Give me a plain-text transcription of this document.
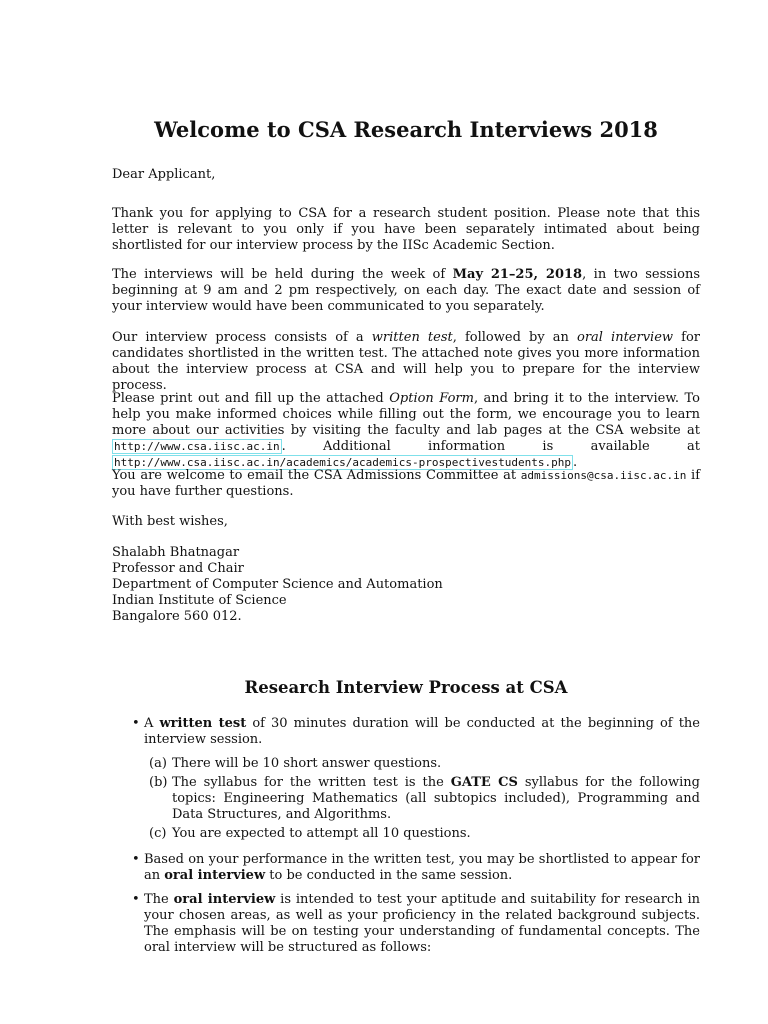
Welcome to CSA Research Interviews 2018
Dear Applicant,
Thank you for applying to CSA for a research student position. Please note that this letter is relevant to you only if you have been separately intimated about being shortlisted for our interview process by the IISc Academic Section.
The interviews will be held during the week of May 21–25, 2018, in two sessions beginning at 9 am and 2 pm respectively, on each day. The exact date and session of your interview would have been communicated to you separately.
Our interview process consists of a written test, followed by an oral interview for candidates shortlisted in the written test. The attached note gives you more information about the interview process at CSA and will help you to prepare for the interview process.
Please print out and fill up the attached Option Form, and bring it to the interview. To help you make informed choices while filling out the form, we encourage you to learn more about our activities by visiting the faculty and lab pages at the CSA website at http://www.csa.iisc.ac.in . Additional information is available at http://www.csa.iisc.ac.in/academics/academics-prospectivestudents.php .
You are welcome to email the CSA Admissions Committee at admissions@csa.iisc.ac.in if you have further questions.
With best wishes,
Shalabh Bhatnagar
Professor and Chair
Department of Computer Science and Automation
Indian Institute of Science
Bangalore 560 012.
Research Interview Process at CSA
• A written test of 30 minutes duration will be conducted at the beginning of the interview session.
(a) There will be 10 short answer questions.
(b) The syllabus for the written test is the GATE CS syllabus for the following topics: Engineering Mathematics (all subtopics included), Programming and Data Structures, and Algorithms.
(c) You are expected to attempt all 10 questions.
• Based on your performance in the written test, you may be shortlisted to appear for an oral interview to be conducted in the same session.
• The oral interview is intended to test your aptitude and suitability for research in your chosen areas, as well as your proficiency in the related background subjects. The emphasis will be on testing your understanding of fundamental concepts. The oral interview will be structured as follows:
